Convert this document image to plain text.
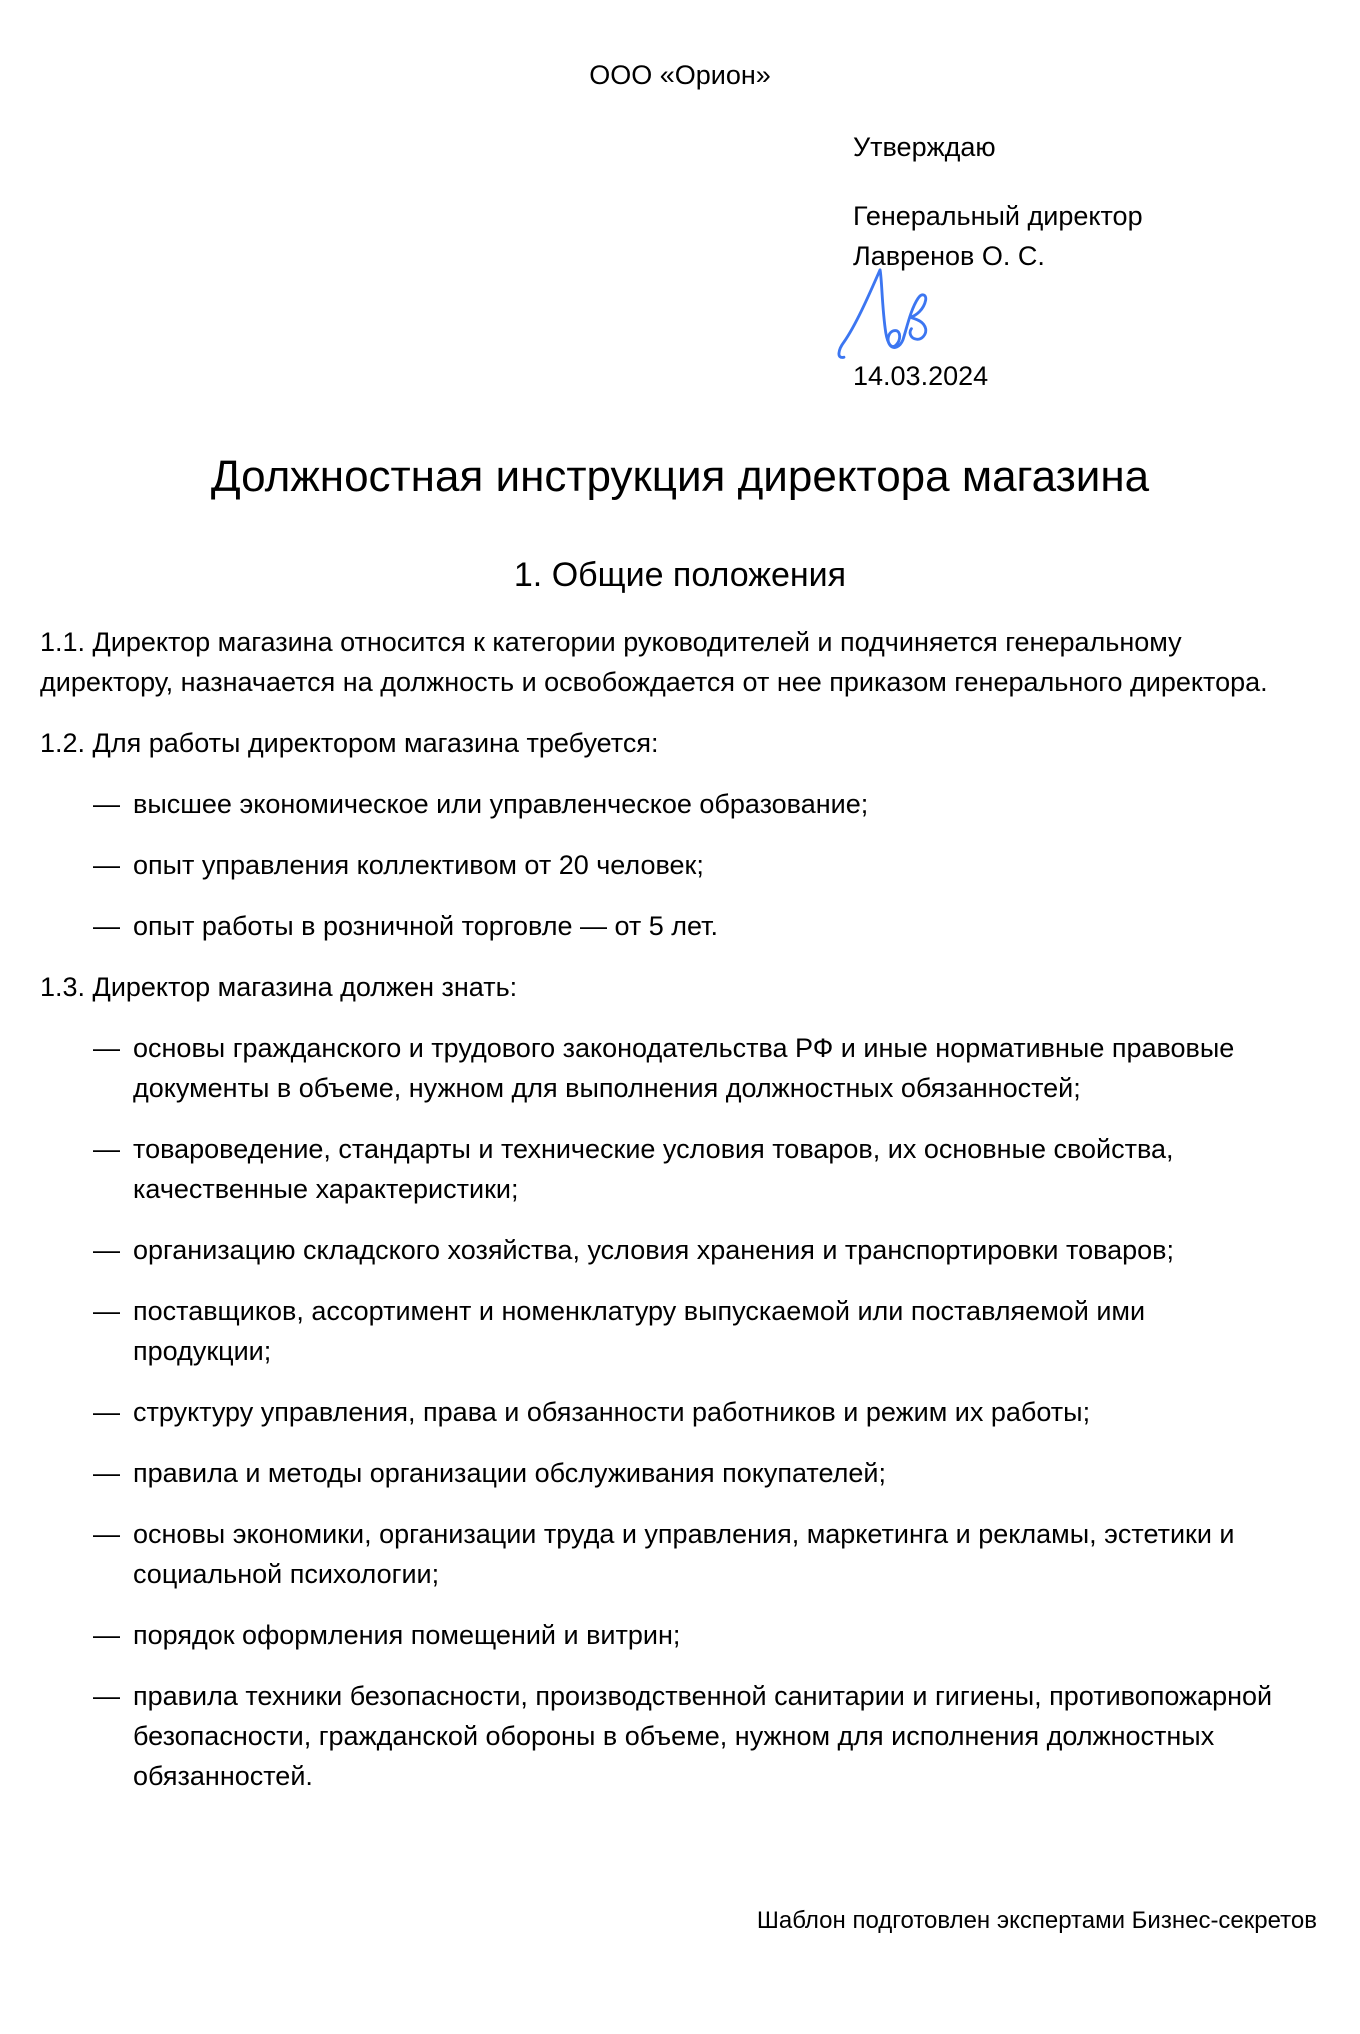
ООО «Орион»
Утверждаю
Генеральный директор
Лавренов О. С.
14.03.2024
Должностная инструкция директора магазина
1. Общие положения

1.1. Директор магазина относится к категории руководителей и подчиняется генеральному директору, назначается на должность и освобождается от нее приказом генерального директора.

1.2. Для работы директором магазина требуется:

— высшее экономическое или управленческое образование;
— опыт управления коллективом от 20 человек;
— опыт работы в розничной торговле — от 5 лет.

1.3. Директор магазина должен знать:

— основы гражданского и трудового законодательства РФ и иные нормативные правовые документы в объеме, нужном для выполнения должностных обязанностей;
— товароведение, стандарты и технические условия товаров, их основные свойства, качественные характеристики;
— организацию складского хозяйства, условия хранения и транспортировки товаров;
— поставщиков, ассортимент и номенклатуру выпускаемой или поставляемой ими продукции;
— структуру управления, права и обязанности работников и режим их работы;
— правила и методы организации обслуживания покупателей;
— основы экономики, организации труда и управления, маркетинга и рекламы, эстетики и социальной психологии;
— порядок оформления помещений и витрин;
— правила техники безопасности, производственной санитарии и гигиены, противопожарной безопасности, гражданской обороны в объеме, нужном для исполнения должностных обязанностей.
Шаблон подготовлен экспертами Бизнес-секретов
